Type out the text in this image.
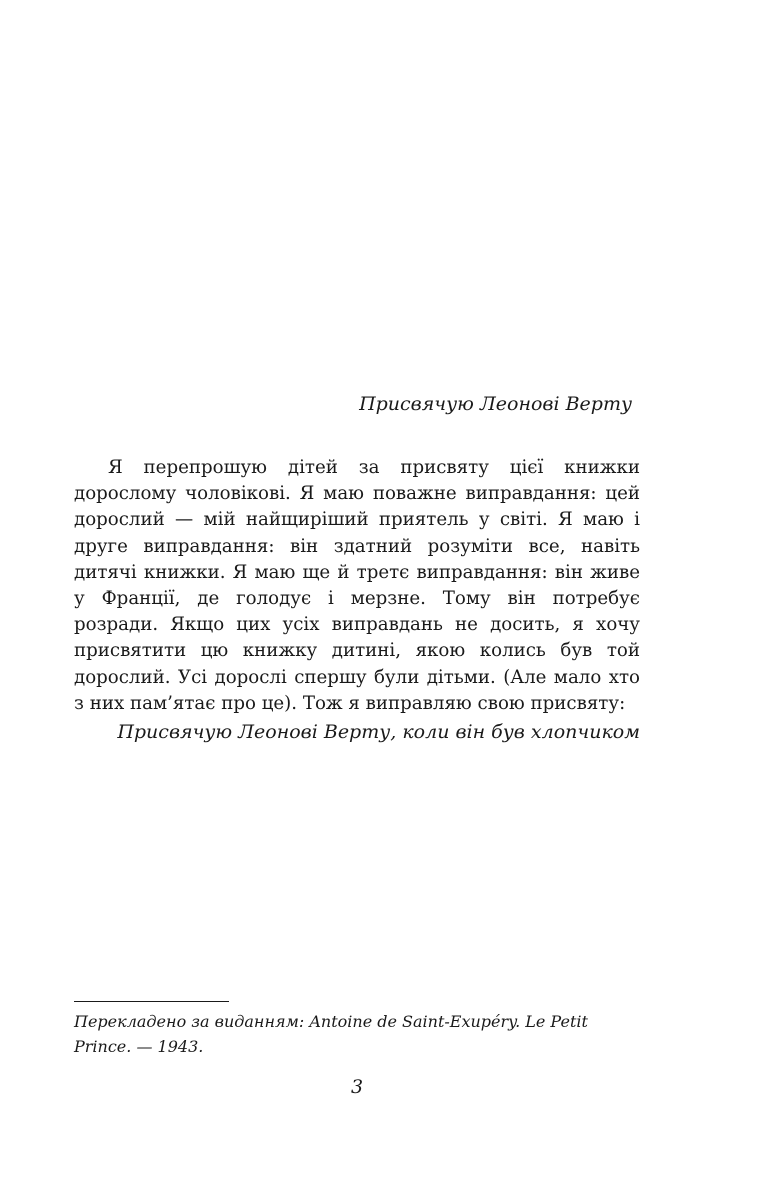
Присвячую Леонові Верту

Я перепрошую дітей за присвяту цієї книжки дорослому чоловікові. Я маю поважне виправдання: цей дорослий — мій найщиріший приятель у світі. Я маю і друге виправдання: він здатний розуміти все, навіть дитячі книжки. Я маю ще й третє виправдання: він живе у Франції, де голодує і мерзне. Тому він потребує розради. Якщо цих усіх виправдань не досить, я хочу присвятити цю книжку дитині, якою колись був той дорослий. Усі дорослі спершу були дітьми. (Але мало хто з них пам’ятає про це). Тож я виправляю свою присвяту:

Присвячую Леонові Верту, коли він був хлопчиком

Перекладено за виданням: Antoine de Saint-Exupéry. Le Petit Prince. — 1943.

3
